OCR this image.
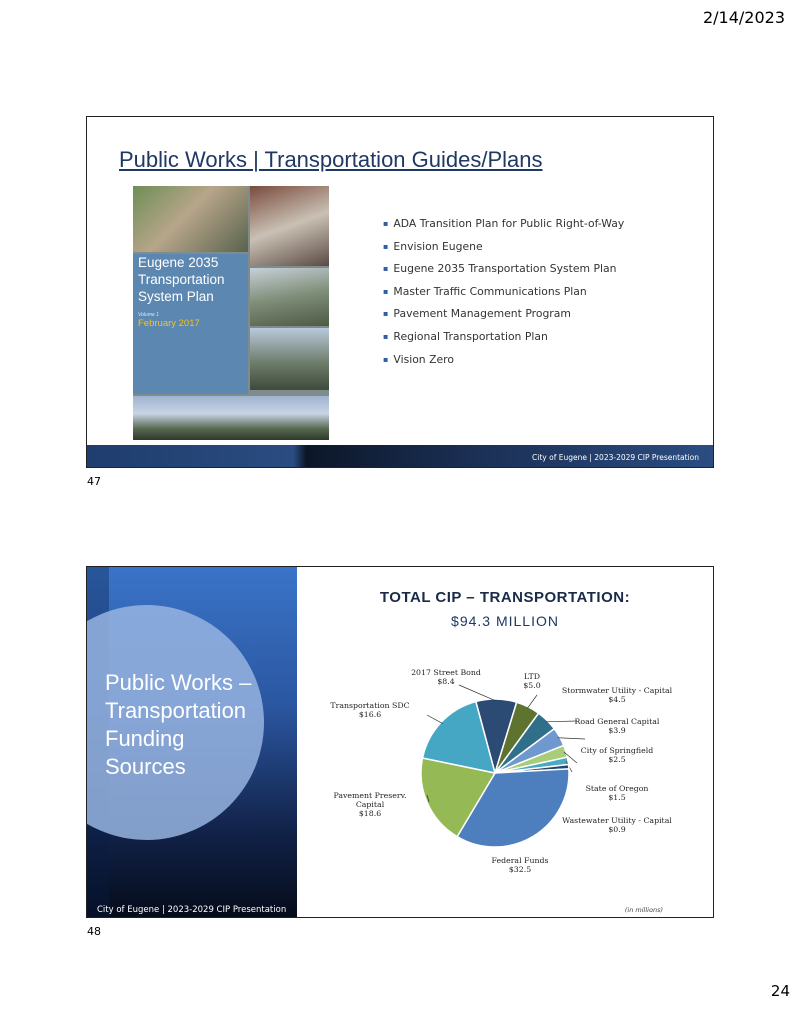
2/14/2023
Public Works | Transportation Guides/Plans
Eugene 2035
Transportation
System Plan
Volume 1
February 2017
▪ ADA Transition Plan for Public Right-of-Way
▪ Envision Eugene
▪ Eugene 2035 Transportation System Plan
▪ Master Traffic Communications Plan
▪ Pavement Management Program
▪ Regional Transportation Plan
▪ Vision Zero
City of Eugene | 2023-2029 CIP Presentation
47
Public Works –
Transportation
Funding
Sources
City of Eugene | 2023-2029 CIP Presentation
TOTAL CIP – TRANSPORTATION:
$94.3 MILLION
2017 Street Bond
$8.4
LTD
$5.0
Stormwater Utility - Capital
$4.5
Road General Capital
$3.9
City of Springfield
$2.5
State of Oregon
$1.5
Wastewater Utility - Capital
$0.9
Federal Funds
$32.5
Pavement Preserv.
Capital
$18.6
Transportation SDC
$16.6
(in millions)
48
24
